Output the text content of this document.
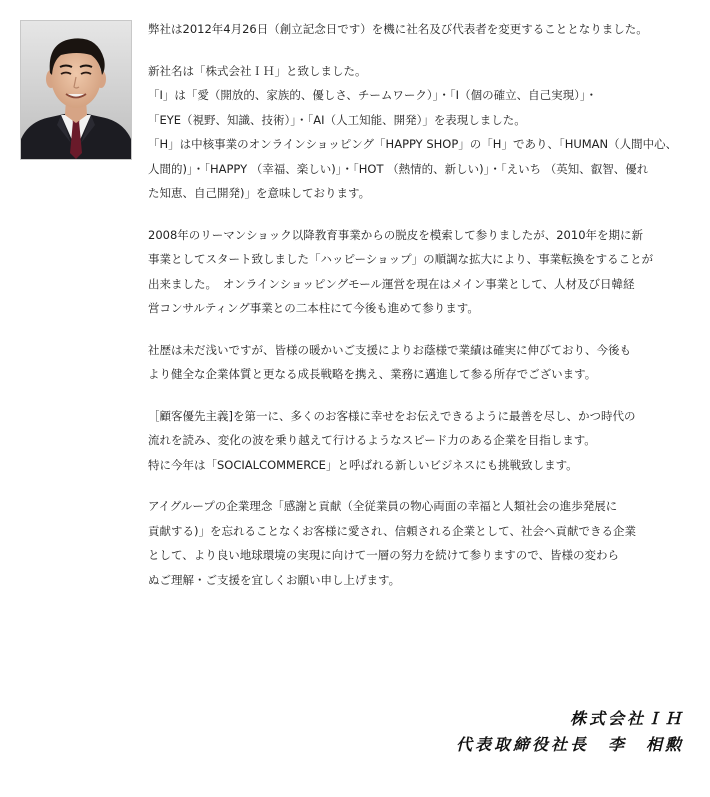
弊社は2012年4月26日（創立記念日です）を機に社名及び代表者を変更することとなりました。
新社名は「株式会社ＩＨ」と致しました。
「I」は「愛（開放的、家族的、優しさ、チームワーク）」・「I（個の確立、自己実現）」・
「EYE（視野、知識、技術）」・「AI（人工知能、開発）」を表現しました。
「H」は中核事業のオンラインショッピング「HAPPY SHOP」の「H」であり、「HUMAN（人間中心、
人間的)」・「HAPPY （幸福、楽しい)」・「HOT （熱情的、新しい)」・「えいち （英知、叡智、優れ
た知恵、自己開発)」を意味しております。
2008年のリーマンショック以降教育事業からの脱皮を模索して参りましたが、2010年を期に新
事業としてスタート致しました「ハッピーショップ」の順調な拡大により、事業転換をすることが
出来ました。　オンラインショッピングモール運営を現在はメイン事業として、人材及び日韓経
営コンサルティング事業との二本柱にて今後も進めて参ります。
社歴は未だ浅いですが、皆様の暖かいご支援によりお蔭様で業績は確実に伸びており、今後も
より健全な企業体質と更なる成長戦略を携え、業務に邁進して参る所存でございます。
［顧客優先主義]を第一に、多くのお客様に幸せをお伝えできるように最善を尽し、かつ時代の
流れを読み、変化の波を乗り越えて行けるようなスピード力のある企業を目指します。
特に今年は「SOCIALCOMMERCE」と呼ばれる新しいビジネスにも挑戦致します。
アイグループの企業理念「感謝と貢献（全従業員の物心両面の幸福と人類社会の進歩発展に
貢献する)」を忘れることなくお客様に愛され、信頼される企業として、社会へ貢献できる企業
として、より良い地球環境の実現に向けて一層の努力を続けて参りますので、皆様の変わら
ぬご理解・ご支援を宜しくお願い申し上げます。
株式会社ＩＨ
代表取締役社長　李　相勲
